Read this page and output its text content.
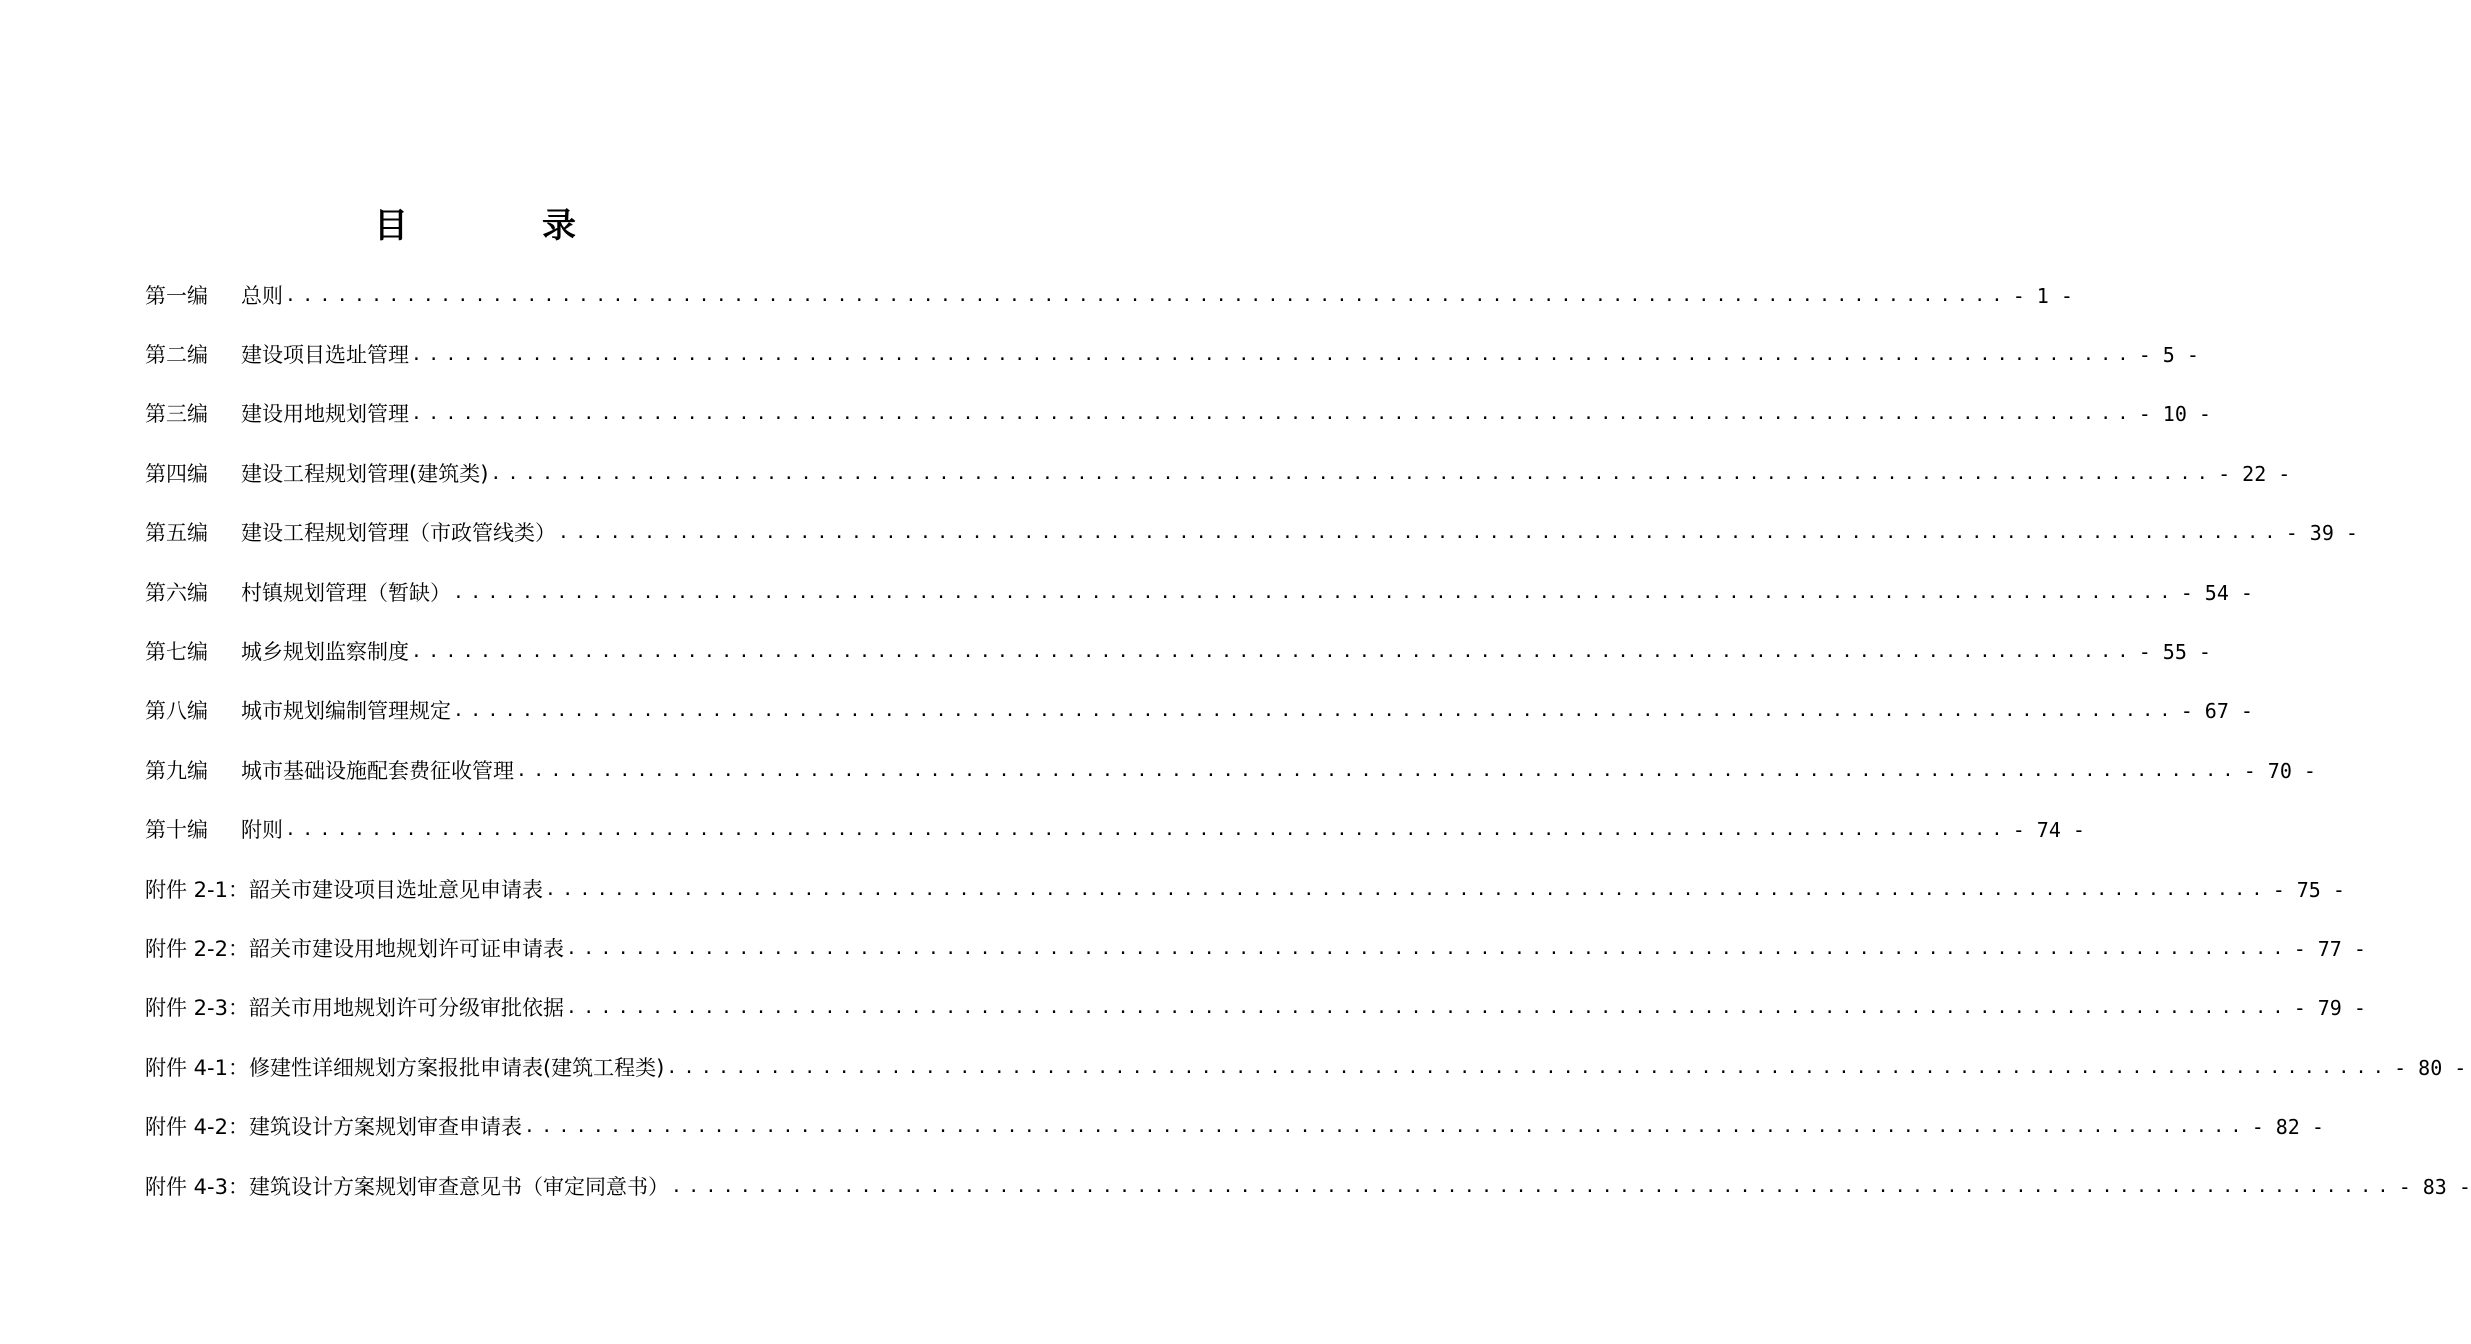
目　录
第一编 总则 .................................................................................................... - 1 -
第二编 建设项目选址管理 .................................................................................................... - 5 -
第三编 建设用地规划管理 .................................................................................................... - 10 -
第四编 建设工程规划管理(建筑类) .................................................................................................... - 22 -
第五编 建设工程规划管理（市政管线类） .................................................................................................... - 39 -
第六编 村镇规划管理（暂缺） .................................................................................................... - 54 -
第七编 城乡规划监察制度 .................................................................................................... - 55 -
第八编 城市规划编制管理规定 .................................................................................................... - 67 -
第九编 城市基础设施配套费征收管理 .................................................................................................... - 70 -
第十编 附则 .................................................................................................... - 74 -
附件 2-1：韶关市建设项目选址意见申请表 .................................................................................................... - 75 -
附件 2-2：韶关市建设用地规划许可证申请表 .................................................................................................... - 77 -
附件 2-3：韶关市用地规划许可分级审批依据 .................................................................................................... - 79 -
附件 4-1：修建性详细规划方案报批申请表(建筑工程类) .................................................................................................... - 80 -
附件 4-2：建筑设计方案规划审查申请表 .................................................................................................... - 82 -
附件 4-3：建筑设计方案规划审查意见书（审定同意书） .................................................................................................... - 83 -
